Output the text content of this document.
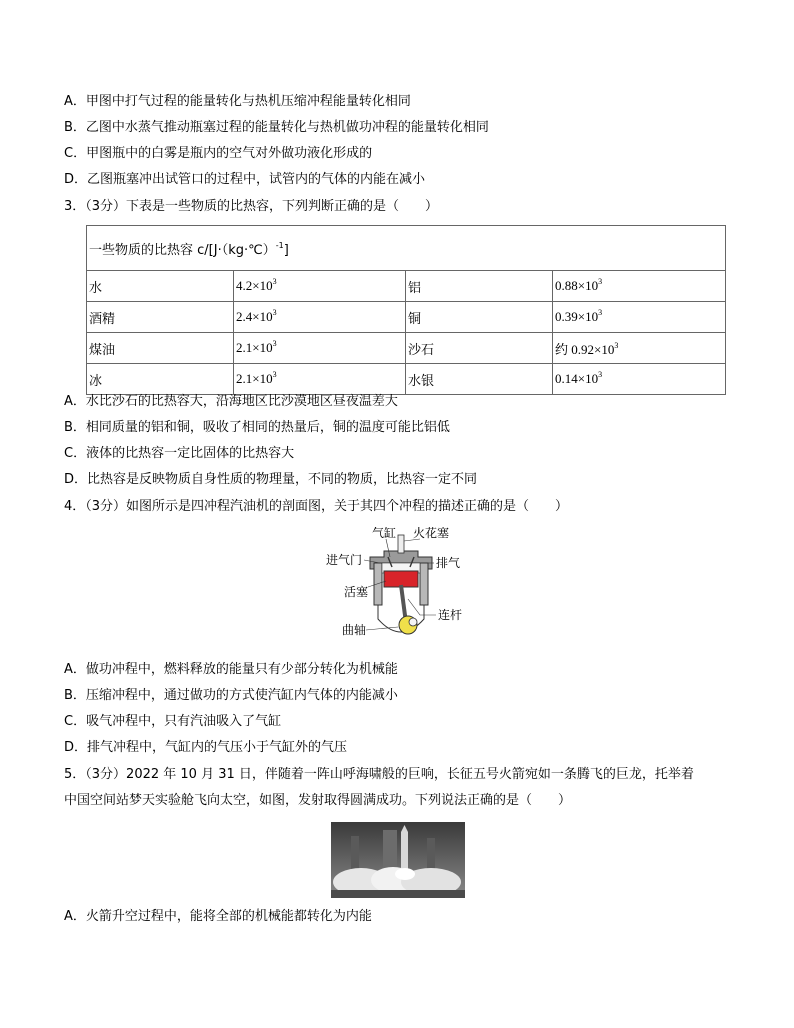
A．甲图中打气过程的能量转化与热机压缩冲程能量转化相同
B．乙图中水蒸气推动瓶塞过程的能量转化与热机做功冲程的能量转化相同
C．甲图瓶中的白雾是瓶内的空气对外做功液化形成的
D．乙图瓶塞冲出试管口的过程中，试管内的气体的内能在减小
3．（3分）下表是一些物质的比热容，下列判断正确的是（　　）
一些物质的比热容 c/[J·（kg·℃）$^{-1}$]			
水	$4.2\times 10^3$	铝	$0.88\times 10^3$
酒精	$2.4\times 10^3$	铜	$0.39\times 10^3$
煤油	$2.1\times 10^3$	沙石	约 $0.92\times 10^3$
冰	$2.1\times 10^3$	水银	$0.14\times 10^3$
A．水比沙石的比热容大，沿海地区比沙漠地区昼夜温差大
B．相同质量的铝和铜，吸收了相同的热量后，铜的温度可能比铝低
C．液体的比热容一定比固体的比热容大
D．比热容是反映物质自身性质的物理量，不同的物质，比热容一定不同
4．（3分）如图所示是四冲程汽油机的剖面图，关于其四个冲程的描述正确的是（　　）
气缸 火花塞
进气门	排气
活塞
连杆
曲轴
A．做功冲程中，燃料释放的能量只有少部分转化为机械能
B．压缩冲程中，通过做功的方式使汽缸内气体的内能减小
C．吸气冲程中，只有汽油吸入了气缸
D．排气冲程中，气缸内的气压小于气缸外的气压
5．（3分）2022 年 10 月 31 日，伴随着一阵山呼海啸般的巨响，长征五号火箭宛如一条腾飞的巨龙，托举着
中国空间站梦天实验舱飞向太空，如图，发射取得圆满成功。下列说法正确的是（　　）
A．火箭升空过程中，能将全部的机械能都转化为内能
